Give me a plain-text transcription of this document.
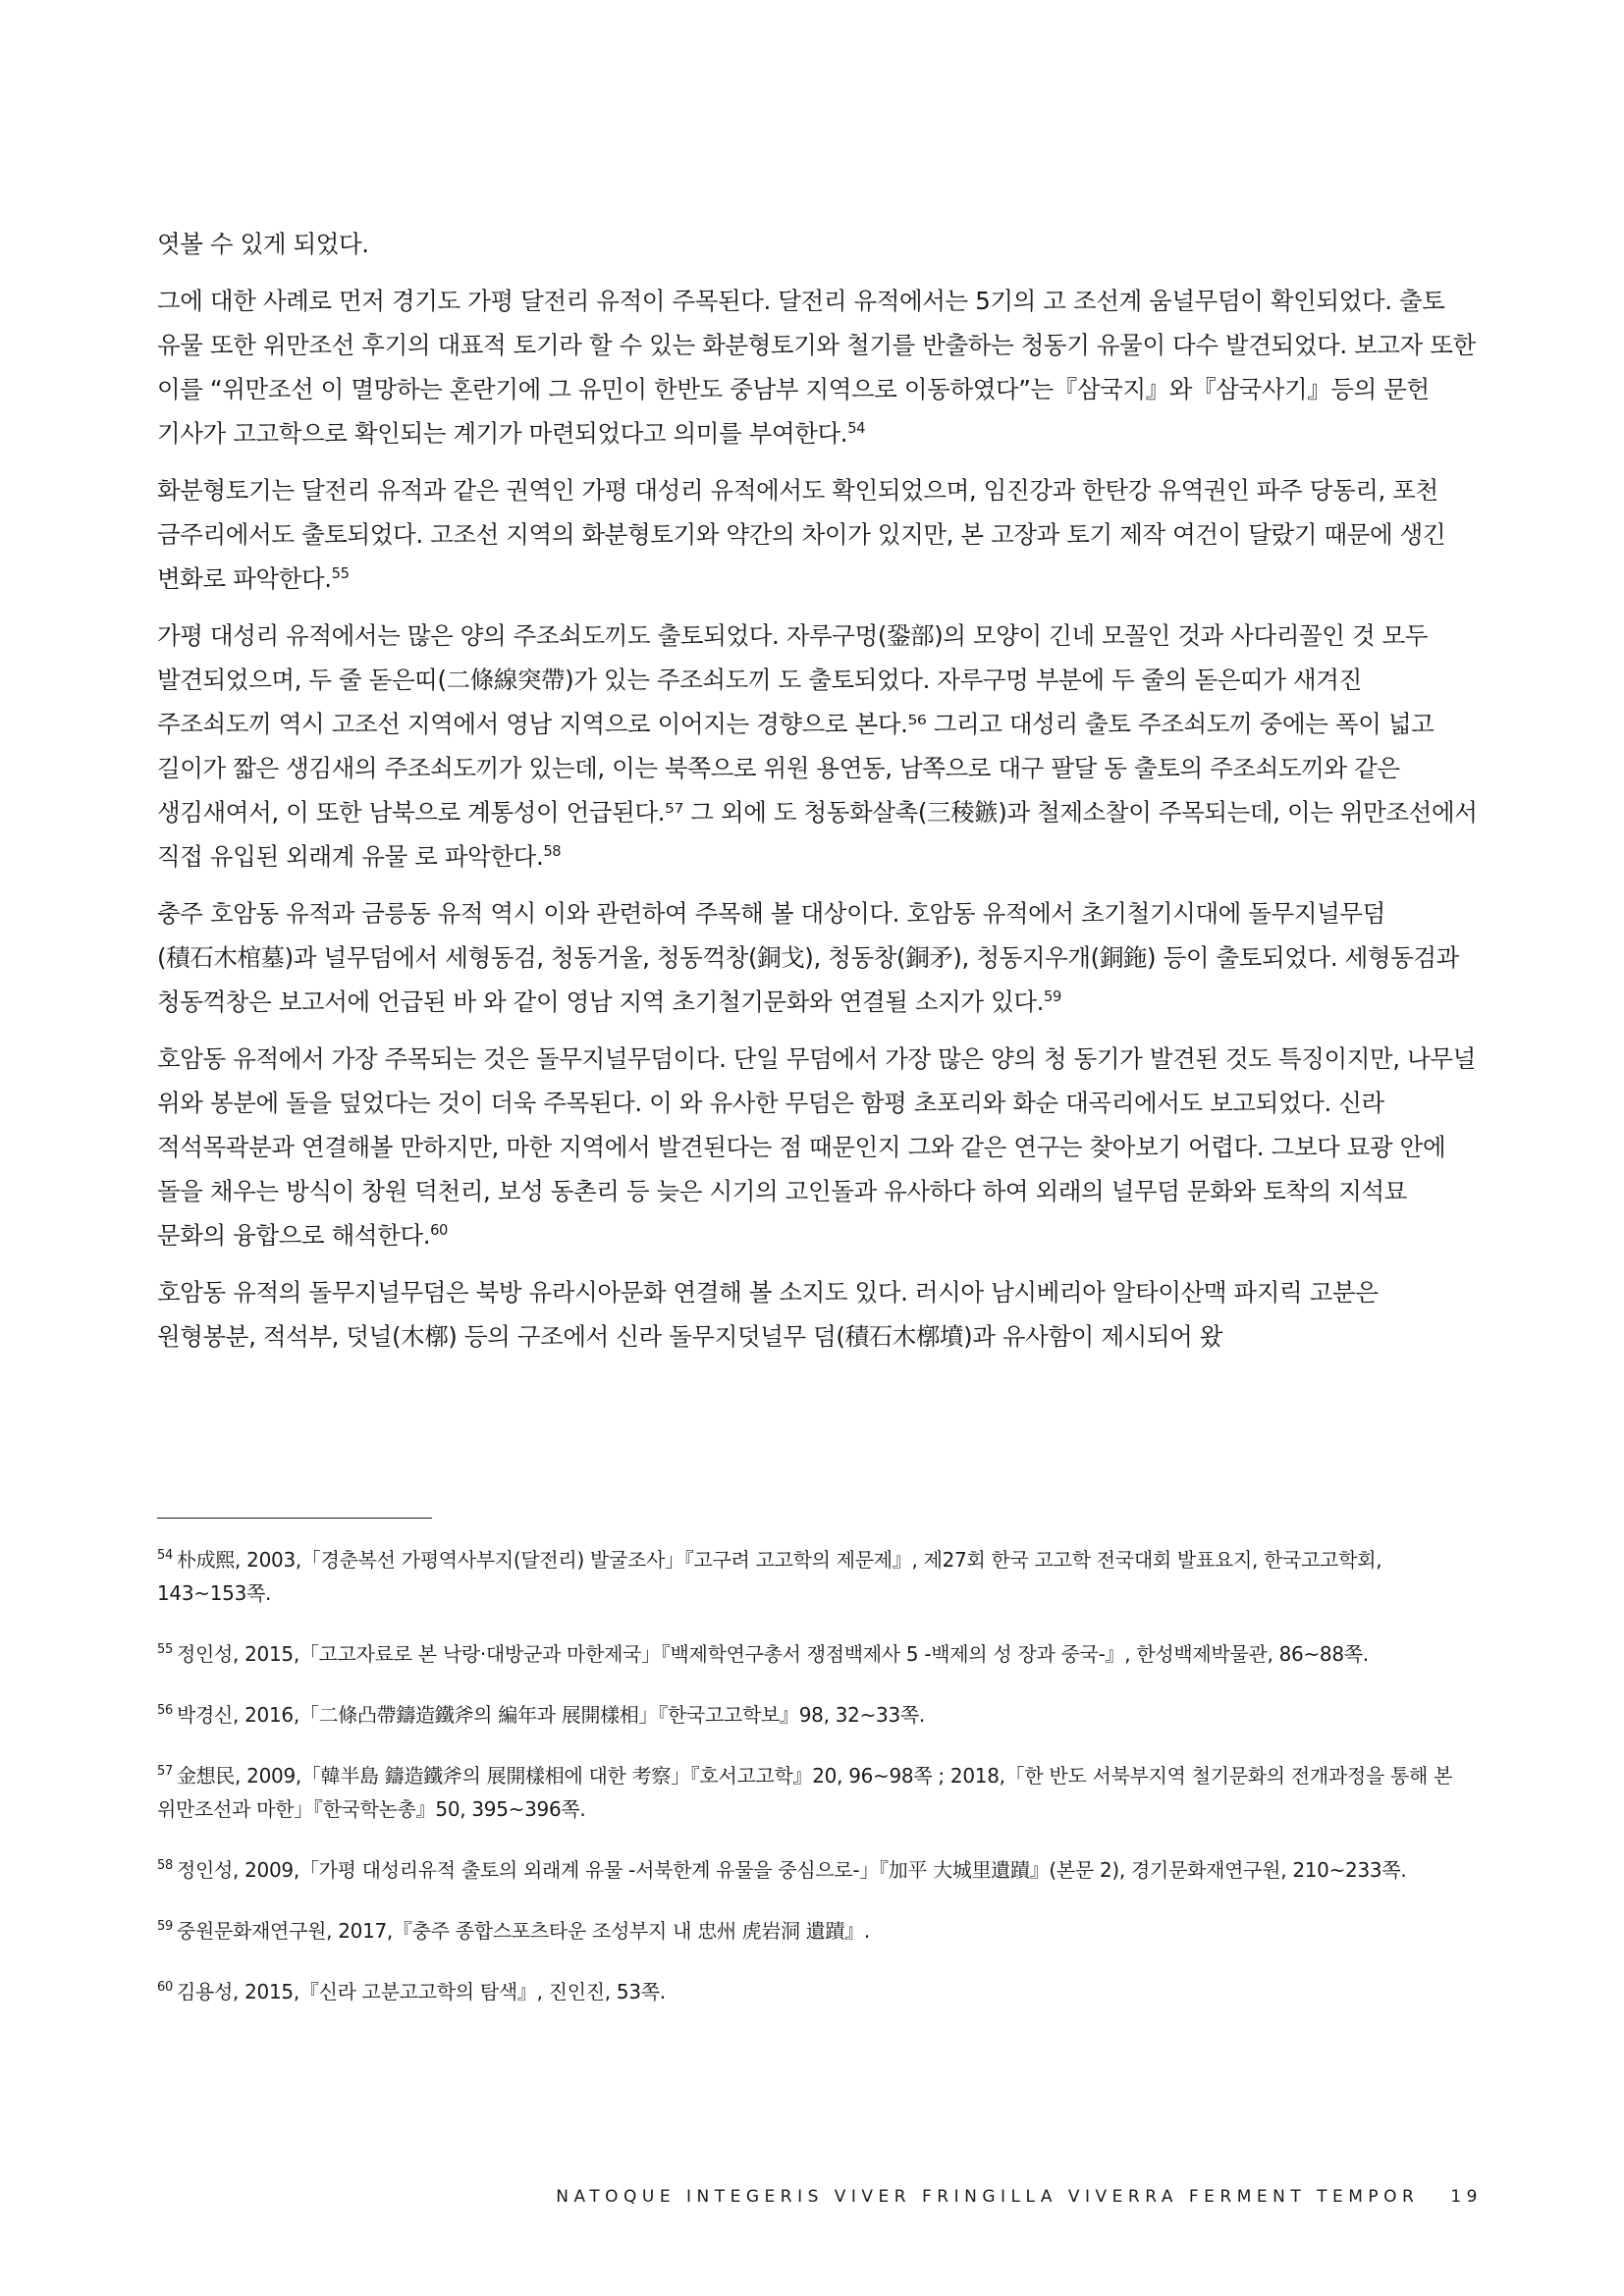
엿볼 수 있게 되었다.

그에 대한 사례로 먼저 경기도 가평 달전리 유적이 주목된다. 달전리 유적에서는 5기의 고 조선계 움널무덤이 확인되었다. 출토 유물 또한 위만조선 후기의 대표적 토기라 할 수 있는 화분형토기와 철기를 반출하는 청동기 유물이 다수 발견되었다. 보고자 또한 이를 “위만조선 이 멸망하는 혼란기에 그 유민이 한반도 중남부 지역으로 이동하였다”는『삼국지』와『삼국사기』등의 문헌 기사가 고고학으로 확인되는 계기가 마련되었다고 의미를 부여한다.$^{54}$

화분형토기는 달전리 유적과 같은 권역인 가평 대성리 유적에서도 확인되었으며, 임진강과 한탄강 유역권인 파주 당동리, 포천 금주리에서도 출토되었다. 고조선 지역의 화분형토기와 약간의 차이가 있지만, 본 고장과 토기 제작 여건이 달랐기 때문에 생긴 변화로 파악한다.$^{55}$

가평 대성리 유적에서는 많은 양의 주조쇠도끼도 출토되었다. 자루구멍(銎部)의 모양이 긴네 모꼴인 것과 사다리꼴인 것 모두 발견되었으며, 두 줄 돋은띠(二條線突帶)가 있는 주조쇠도끼 도 출토되었다. 자루구멍 부분에 두 줄의 돋은띠가 새겨진 주조쇠도끼 역시 고조선 지역에서 영남 지역으로 이어지는 경향으로 본다.⁵⁶ 그리고 대성리 출토 주조쇠도끼 중에는 폭이 넓고 길이가 짧은 생김새의 주조쇠도끼가 있는데, 이는 북쪽으로 위원 용연동, 남쪽으로 대구 팔달 동 출토의 주조쇠도끼와 같은 생김새여서, 이 또한 남북으로 계통성이 언급된다.⁵⁷ 그 외에 도 청동화살촉(三稜鏃)과 철제소찰이 주목되는데, 이는 위만조선에서 직접 유입된 외래계 유물 로 파악한다.$^{58}$

충주 호암동 유적과 금릉동 유적 역시 이와 관련하여 주목해 볼 대상이다. 호암동 유적에서 초기철기시대에 돌무지널무덤(積石木棺墓)과 널무덤에서 세형동검, 청동거울, 청동꺽창(銅戈), 청동창(銅矛), 청동지우개(銅鉇) 등이 출토되었다. 세형동검과 청동꺽창은 보고서에 언급된 바 와 같이 영남 지역 초기철기문화와 연결될 소지가 있다.$^{59}$

호암동 유적에서 가장 주목되는 것은 돌무지널무덤이다. 단일 무덤에서 가장 많은 양의 청 동기가 발견된 것도 특징이지만, 나무널 위와 봉분에 돌을 덮었다는 것이 더욱 주목된다. 이 와 유사한 무덤은 함평 초포리와 화순 대곡리에서도 보고되었다. 신라 적석목곽분과 연결해볼 만하지만, 마한 지역에서 발견된다는 점 때문인지 그와 같은 연구는 찾아보기 어렵다. 그보다 묘광 안에 돌을 채우는 방식이 창원 덕천리, 보성 동촌리 등 늦은 시기의 고인돌과 유사하다 하여 외래의 널무덤 문화와 토착의 지석묘 문화의 융합으로 해석한다.$^{60}$

호암동 유적의 돌무지널무덤은 북방 유라시아문화 연결해 볼 소지도 있다. 러시아 남시베리아 알타이산맥 파지릭 고분은 원형봉분, 적석부, 덧널(木槨) 등의 구조에서 신라 돌무지덧널무 덤(積石木槨墳)과 유사함이 제시되어 왔

$^{54}$ 朴成熙, 2003,「경춘복선 가평역사부지(달전리) 발굴조사」『고구려 고고학의 제문제』, 제27회 한국 고고학 전국대회 발표요지, 한국고고학회, 143~153쪽.

$^{55}$ 정인성, 2015,「고고자료로 본 낙랑·대방군과 마한제국」『백제학연구총서 쟁점백제사 5 -백제의 성 장과 중국-』, 한성백제박물관, 86~88쪽.

$^{56}$ 박경신, 2016,「二條凸帶鑄造鐵斧의 編年과 展開樣相」『한국고고학보』98, 32~33쪽.

$^{57}$ 金想民, 2009,「韓半島 鑄造鐵斧의 展開樣相에 대한 考察」『호서고고학』20, 96~98쪽 ; 2018,「한 반도 서북부지역 철기문화의 전개과정을 통해 본 위만조선과 마한」『한국학논총』50, 395~396쪽.

$^{58}$ 정인성, 2009,「가평 대성리유적 출토의 외래계 유물 -서북한계 유물을 중심으로-」『加平 大城里遺蹟』(본문 2), 경기문화재연구원, 210~233쪽.

$^{59}$ 중원문화재연구원, 2017,『충주 종합스포츠타운 조성부지 내 忠州 虎岩洞 遺蹟』.

$^{60}$ 김용성, 2015,『신라 고분고고학의 탐색』, 진인진, 53쪽.

NATOQUE INTEGERIS VIVER FRINGILLA VIVERRA FERMENT TEMPOR 19
